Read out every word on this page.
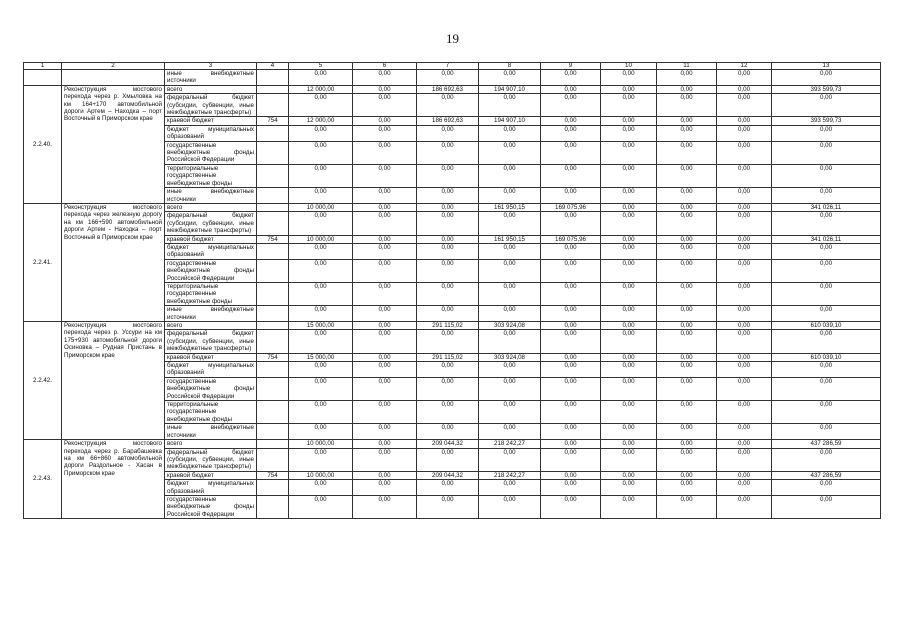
19
1	2	3	4	5	6	7	8	9	10	11	12	13
		иные внебюджетные источники		0,00	0,00	0,00	0,00	0,00	0,00	0,00	0,00	0,00
2.2.40.	Реконструкция мостового перехода через р. Хмыловка на км 164+170 автомобильной дороги Артем – Находка – порт Восточный в Приморском крае	всего		12 000,00	0,00	186 692,63	194 907,10	0,00	0,00	0,00	0,00	393 599,73
		федеральный бюджет (субсидии, субвенции, иные межбюджетные трансферты)		0,00	0,00	0,00	0,00	0,00	0,00	0,00	0,00	0,00
		краевой бюджет	754	12 000,00	0,00	186 692,63	194 907,10	0,00	0,00	0,00	0,00	393 599,73
		бюджет муниципальных образований		0,00	0,00	0,00	0,00	0,00	0,00	0,00	0,00	0,00
		государственные внебюджетные фонды Российской Федерации		0,00	0,00	0,00	0,00	0,00	0,00	0,00	0,00	0,00
		территориальные государственные внебюджетные фонды		0,00	0,00	0,00	0,00	0,00	0,00	0,00	0,00	0,00
		иные внебюджетные источники		0,00	0,00	0,00	0,00	0,00	0,00	0,00	0,00	0,00
2.2.41.	Реконструкция мостового перехода через железную дорогу на км 166+590 автомобильной дороги Артем - Находка – порт Восточный в Приморском крае	всего		10 000,00	0,00	0,00	161 950,15	169 075,96	0,00	0,00	0,00	341 026,11
		федеральный бюджет (субсидии, субвенции, иные межбюджетные трансферты)		0,00	0,00	0,00	0,00	0,00	0,00	0,00	0,00	0,00
		краевой бюджет	754	10 000,00	0,00	0,00	161 950,15	169 075,96	0,00	0,00	0,00	341 026,11
		бюджет муниципальных образований		0,00	0,00	0,00	0,00	0,00	0,00	0,00	0,00	0,00
		государственные внебюджетные фонды Российской Федерации		0,00	0,00	0,00	0,00	0,00	0,00	0,00	0,00	0,00
		территориальные государственные внебюджетные фонды		0,00	0,00	0,00	0,00	0,00	0,00	0,00	0,00	0,00
		иные внебюджетные источники		0,00	0,00	0,00	0,00	0,00	0,00	0,00	0,00	0,00
2.2.42.	Реконструкция мостового перехода через р. Уссури на км 175+930 автомобильной дороги Осиновка – Рудная Пристань в Приморском крае	всего		15 000,00	0,00	291 115,02	303 924,08	0,00	0,00	0,00	0,00	610 039,10
		федеральный бюджет (субсидии, субвенции, иные межбюджетные трансферты)		0,00	0,00	0,00	0,00	0,00	0,00	0,00	0,00	0,00
		краевой бюджет	754	15 000,00	0,00	291 115,02	303 924,08	0,00	0,00	0,00	0,00	610 039,10
		бюджет муниципальных образований		0,00	0,00	0,00	0,00	0,00	0,00	0,00	0,00	0,00
		государственные внебюджетные фонды Российской Федерации		0,00	0,00	0,00	0,00	0,00	0,00	0,00	0,00	0,00
		территориальные государственные внебюджетные фонды		0,00	0,00	0,00	0,00	0,00	0,00	0,00	0,00	0,00
		иные внебюджетные источники		0,00	0,00	0,00	0,00	0,00	0,00	0,00	0,00	0,00
2.2.43.	Реконструкция мостового перехода через р. Барабашевка на км 66+860 автомобильной дороги Раздольное - Хасан в Приморском крае	всего		10 000,00	0,00	209 044,32	218 242,27	0,00	0,00	0,00	0,00	437 286,59
		федеральный бюджет (субсидии, субвенции, иные межбюджетные трансферты)		0,00	0,00	0,00	0,00	0,00	0,00	0,00	0,00	0,00
		краевой бюджет	754	10 000,00	0,00	209 044,32	218 242,27	0,00	0,00	0,00	0,00	437 286,59
		бюджет муниципальных образований		0,00	0,00	0,00	0,00	0,00	0,00	0,00	0,00	0,00
		государственные внебюджетные фонды Российской Федерации		0,00	0,00	0,00	0,00	0,00	0,00	0,00	0,00	0,00
